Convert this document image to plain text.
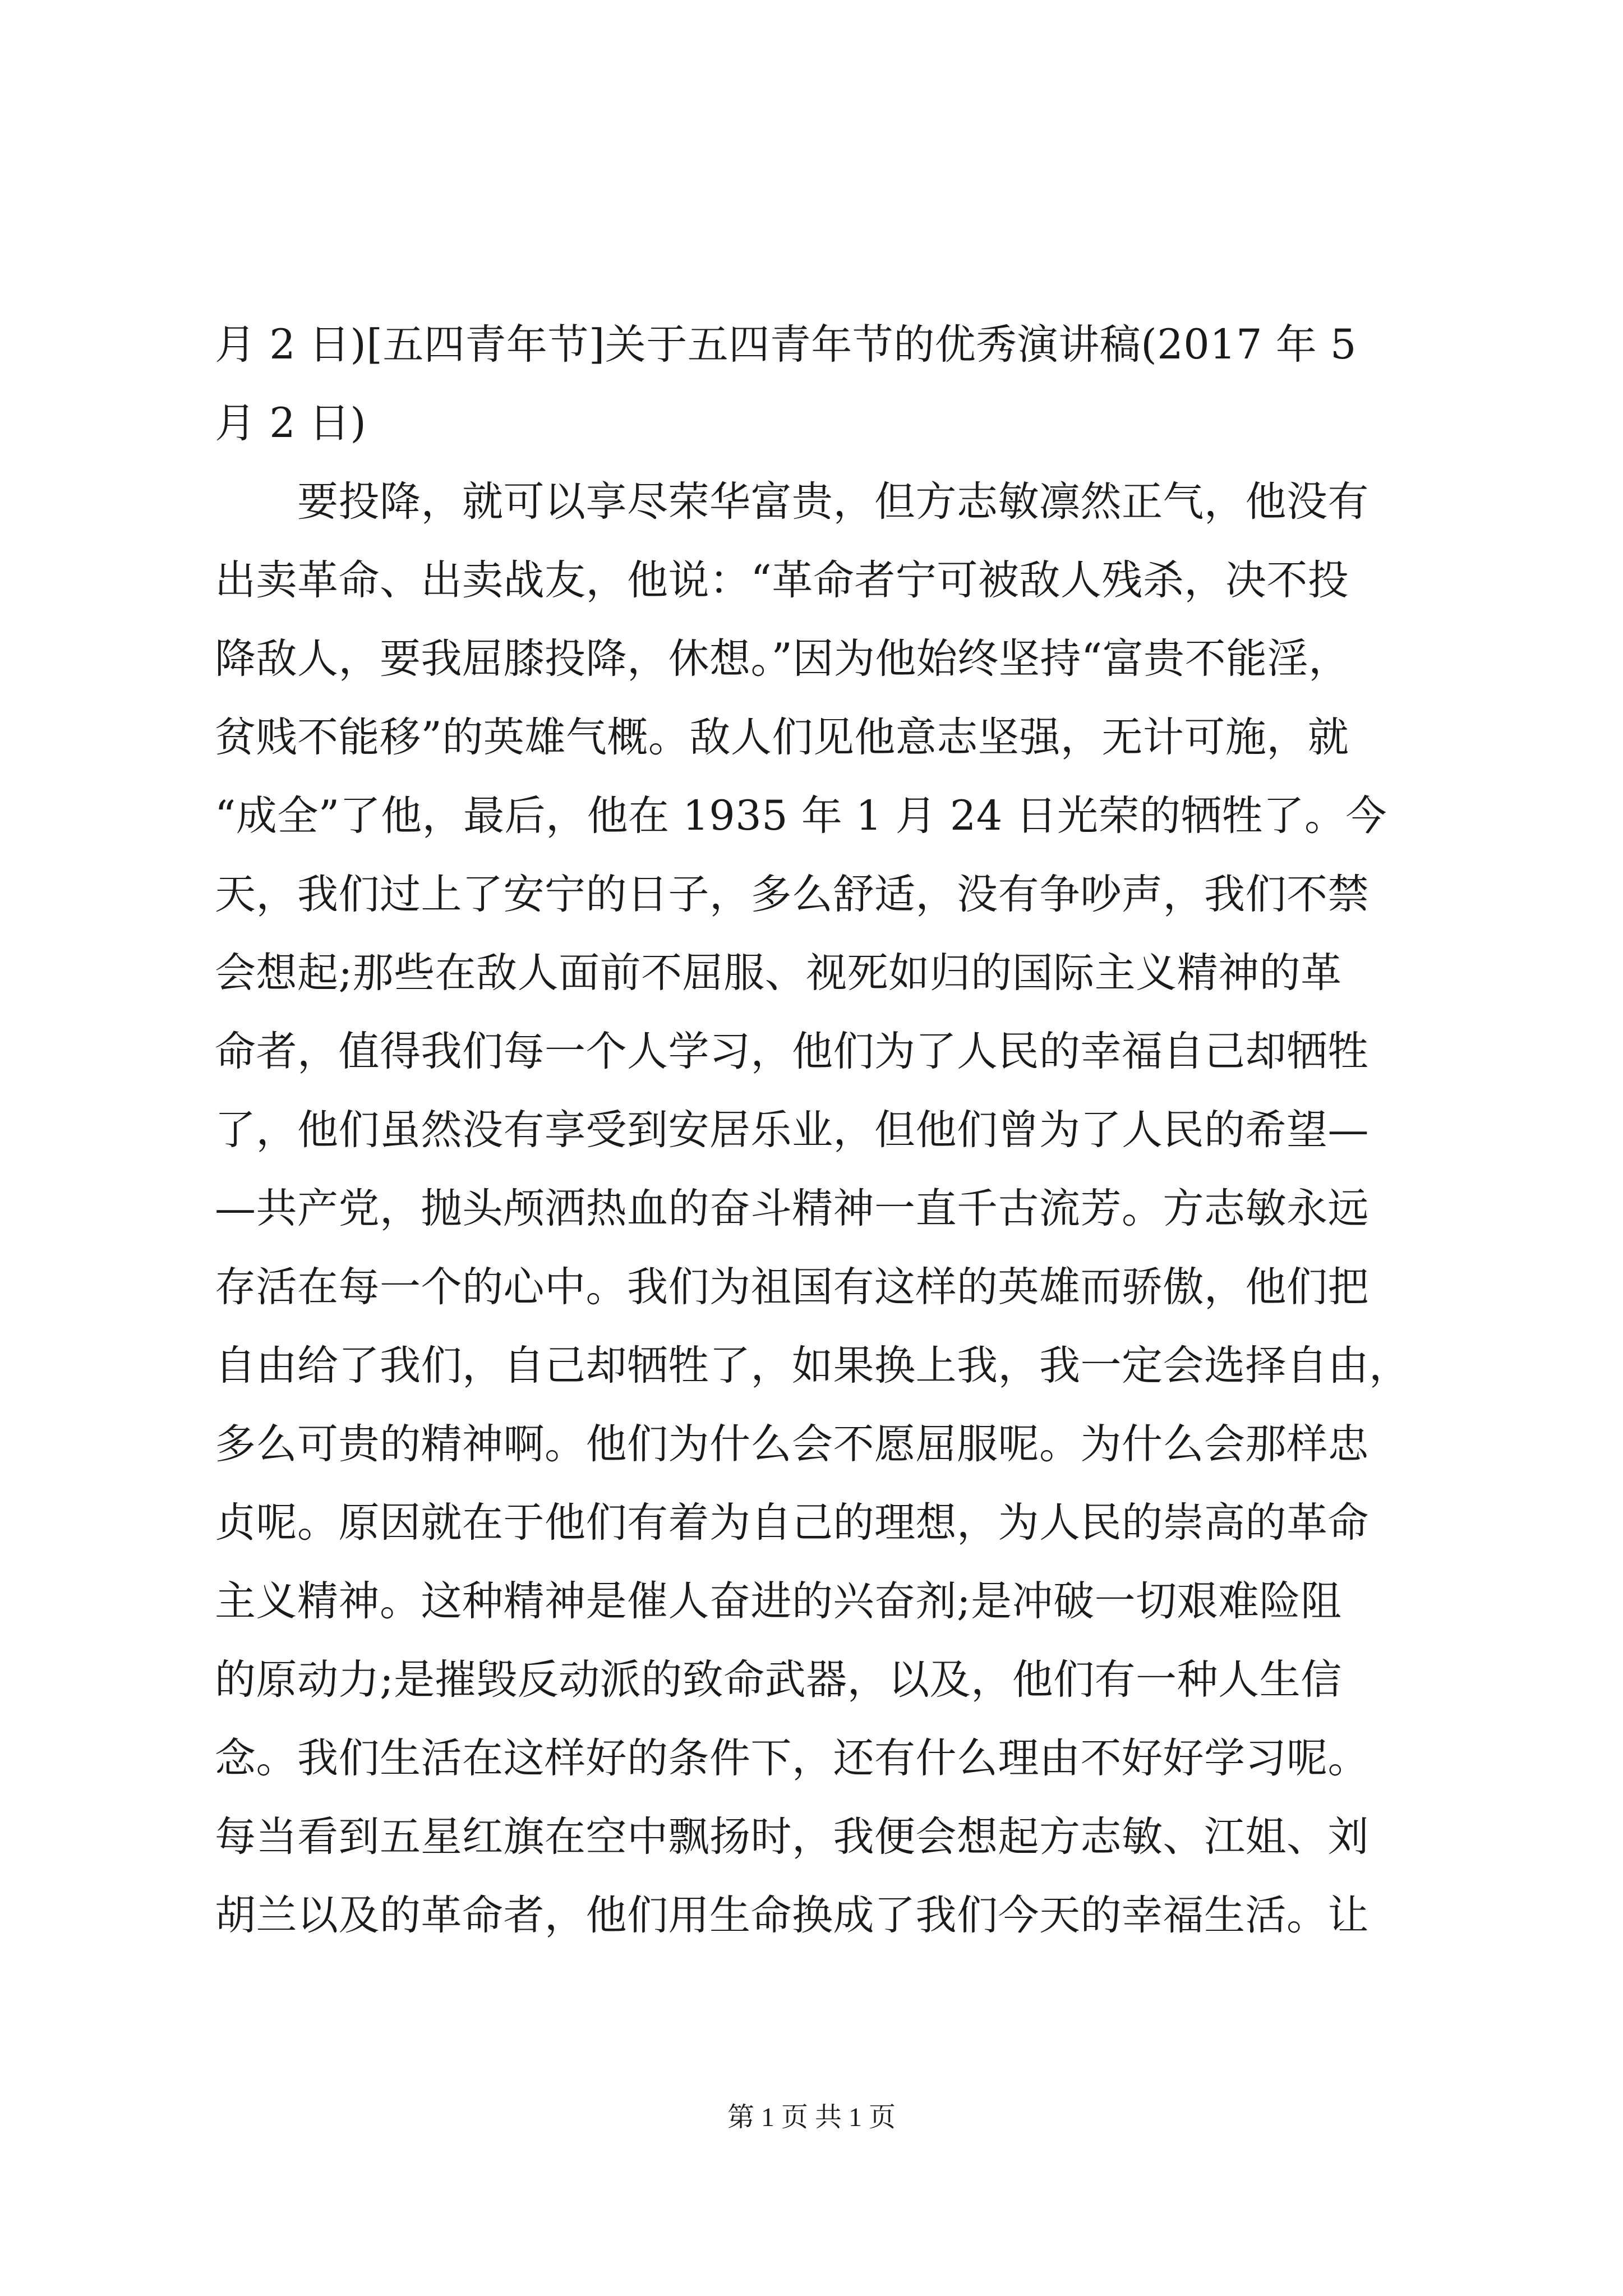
月 2 日)[五四青年节]关于五四青年节的优秀演讲稿(2017 年 5
月 2 日)
　　要投降，就可以享尽荣华富贵，但方志敏凛然正气，他没有
出卖革命、出卖战友，他说：“革命者宁可被敌人残杀，决不投
降敌人，要我屈膝投降，休想。”因为他始终坚持“富贵不能淫，
贫贱不能移”的英雄气概。敌人们见他意志坚强，无计可施，就
“成全”了他，最后，他在 1935 年 1 月 24 日光荣的牺牲了。今
天，我们过上了安宁的日子，多么舒适，没有争吵声，我们不禁
会想起;那些在敌人面前不屈服、视死如归的国际主义精神的革
命者，值得我们每一个人学习，他们为了人民的幸福自己却牺牲
了，他们虽然没有享受到安居乐业，但他们曾为了人民的希望—
—共产党，抛头颅洒热血的奋斗精神一直千古流芳。方志敏永远
存活在每一个的心中。我们为祖国有这样的英雄而骄傲，他们把
自由给了我们，自己却牺牲了，如果换上我，我一定会选择自由，
多么可贵的精神啊。他们为什么会不愿屈服呢。为什么会那样忠
贞呢。原因就在于他们有着为自己的理想，为人民的崇高的革命
主义精神。这种精神是催人奋进的兴奋剂;是冲破一切艰难险阻
的原动力;是摧毁反动派的致命武器，以及，他们有一种人生信
念。我们生活在这样好的条件下，还有什么理由不好好学习呢。
每当看到五星红旗在空中飘扬时，我便会想起方志敏、江姐、刘
胡兰以及的革命者，他们用生命换成了我们今天的幸福生活。让
第 1 页 共 1 页
